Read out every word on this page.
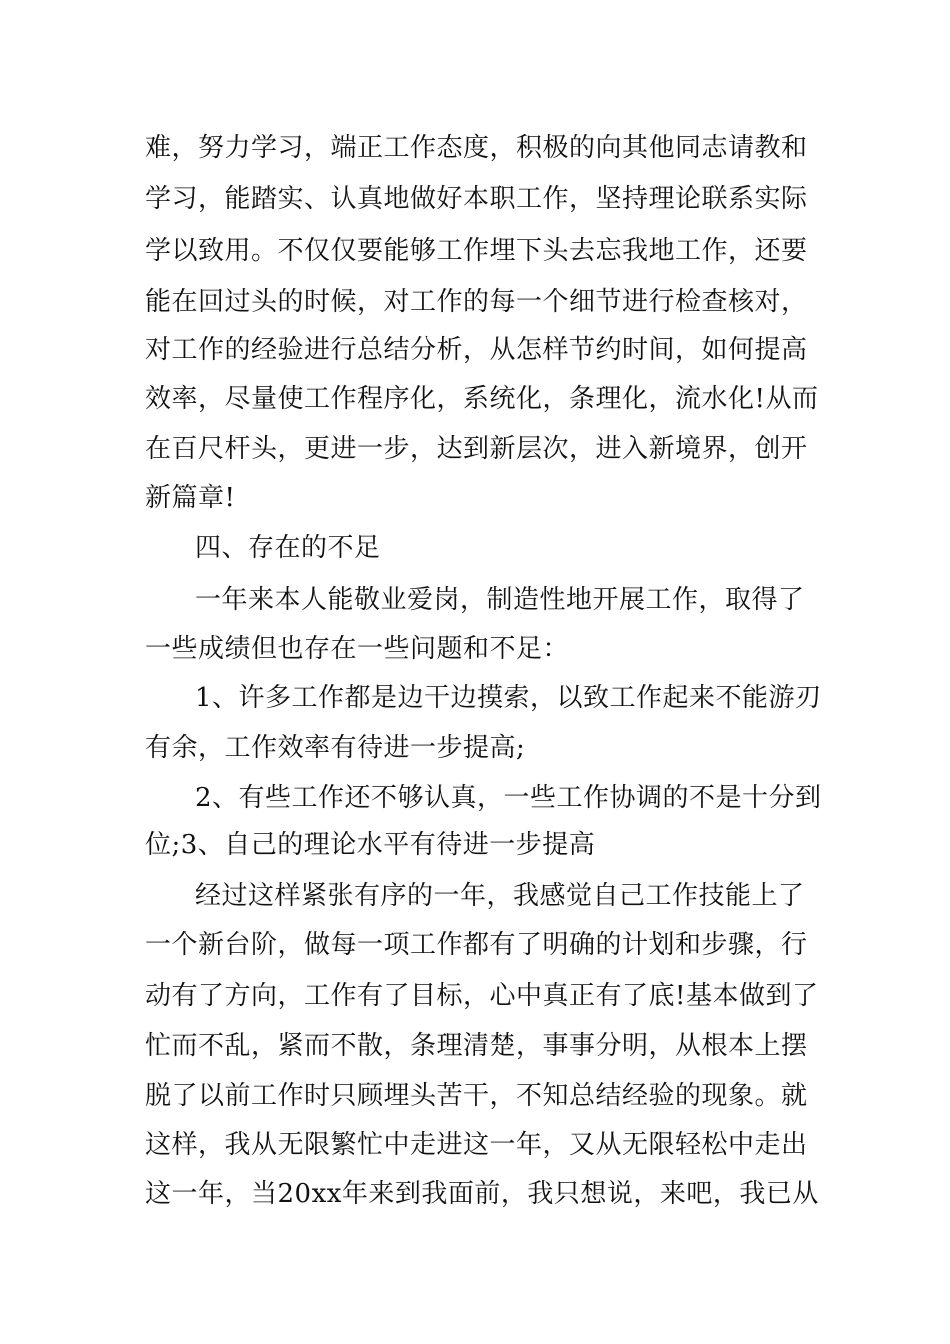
难，努力学习，端正工作态度，积极的向其他同志请教和
学习，能踏实、认真地做好本职工作，坚持理论联系实际
学以致用。不仅仅要能够工作埋下头去忘我地工作，还要
能在回过头的时候，对工作的每一个细节进行检查核对，
对工作的经验进行总结分析，从怎样节约时间，如何提高
效率，尽量使工作程序化，系统化，条理化，流水化!从而
在百尺杆头，更进一步，达到新层次，进入新境界，创开
新篇章!
四、存在的不足
一年来本人能敬业爱岗，制造性地开展工作，取得了
一些成绩但也存在一些问题和不足：
1、许多工作都是边干边摸索，以致工作起来不能游刃
有余，工作效率有待进一步提高;
2、有些工作还不够认真，一些工作协调的不是十分到
位;3、自己的理论水平有待进一步提高
经过这样紧张有序的一年，我感觉自己工作技能上了
一个新台阶，做每一项工作都有了明确的计划和步骤，行
动有了方向，工作有了目标，心中真正有了底!基本做到了
忙而不乱，紧而不散，条理清楚，事事分明，从根本上摆
脱了以前工作时只顾埋头苦干，不知总结经验的现象。就
这样，我从无限繁忙中走进这一年，又从无限轻松中走出
这一年，当20xx年来到我面前，我只想说，来吧，我已从
